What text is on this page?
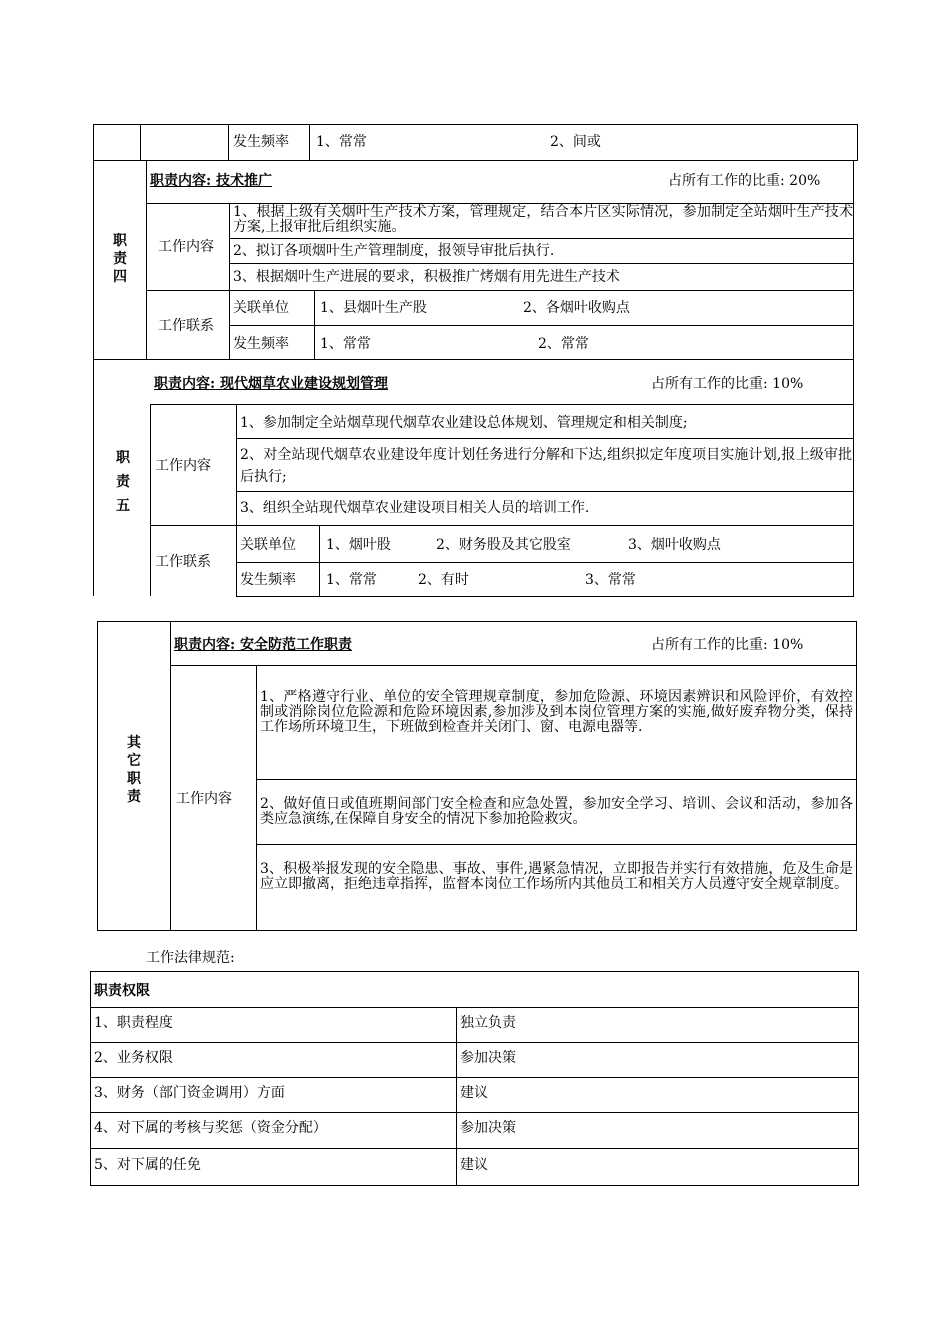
发生频率 1、常常	2、间或
职
责
四
职责内容: 技术推广	占所有工作的比重: 20%
工作内容
1、根据上级有关烟叶生产技术方案，管理规定，结合本片区实际情况，参加制定全站烟叶生产技术方案,上报审批后组织实施。
2、拟订各项烟叶生产管理制度，报领导审批后执行.
3、根据烟叶生产进展的要求，积极推广烤烟有用先进生产技术
工作联系
关联单位 1、县烟叶生产股	2、各烟叶收购点
发生频率 1、常常	2、常常
职
责
五
职责内容: 现代烟草农业建设规划管理	占所有工作的比重: 10%
工作内容
1、参加制定全站烟草现代烟草农业建设总体规划、管理规定和相关制度;
2、对全站现代烟草农业建设年度计划任务进行分解和下达,组织拟定年度项目实施计划,报上级审批后执行;
3、组织全站现代烟草农业建设项目相关人员的培训工作.
工作联系
关联单位 1、烟叶股	2、财务股及其它股室	3、烟叶收购点
发生频率 1、常常	2、有时	3、常常
其
它
职
责
职责内容: 安全防范工作职责	占所有工作的比重: 10%
工作内容
1、严格遵守行业、单位的安全管理规章制度，参加危险源、环境因素辨识和风险评价，有效控制或消除岗位危险源和危险环境因素,参加涉及到本岗位管理方案的实施,做好废弃物分类，保持工作场所环境卫生，下班做到检查并关闭门、窗、电源电器等.
2、做好值日或值班期间部门安全检查和应急处置，参加安全学习、培训、会议和活动，参加各类应急演练,在保障自身安全的情况下参加抢险救灾。
3、积极举报发现的安全隐患、事故、事件,遇紧急情况，立即报告并实行有效措施，危及生命是应立即撤离，拒绝违章指挥，监督本岗位工作场所内其他员工和相关方人员遵守安全规章制度。
工作法律规范:
职责权限
1、职责程度	独立负责
2、业务权限	参加决策
3、财务（部门资金调用）方面	建议
4、对下属的考核与奖惩（资金分配）	参加决策
5、对下属的任免	建议
